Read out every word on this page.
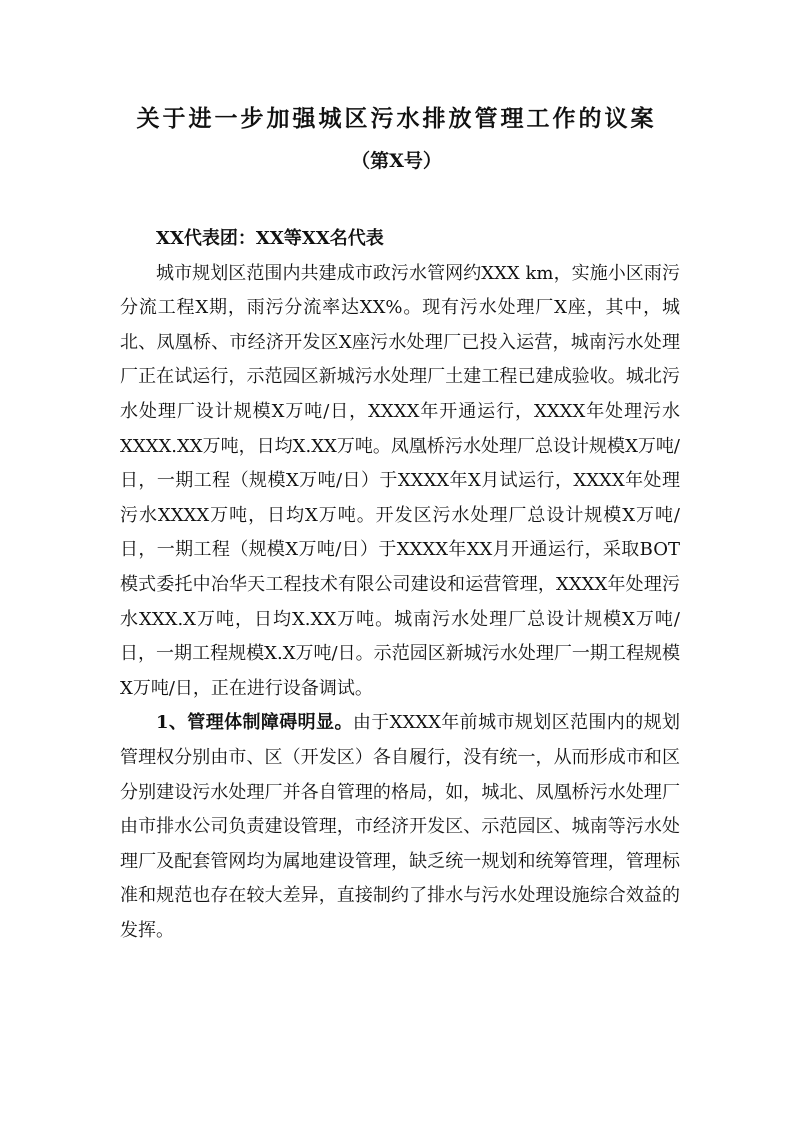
关于进一步加强城区污水排放管理工作的议案
（第X号）

XX代表团：XX等XX名代表

城市规划区范围内共建成市政污水管网约XXX km，实施小区雨污分流工程X期，雨污分流率达XX%。现有污水处理厂X座，其中，城北、凤凰桥、市经济开发区X座污水处理厂已投入运营，城南污水处理厂正在试运行，示范园区新城污水处理厂土建工程已建成验收。城北污水处理厂设计规模X万吨/日，XXXX年开通运行，XXXX年处理污水XXXX.XX万吨，日均X.XX万吨。凤凰桥污水处理厂总设计规模X万吨/日，一期工程（规模X万吨/日）于XXXX年X月试运行，XXXX年处理污水XXXX万吨，日均X万吨。开发区污水处理厂总设计规模X万吨/日，一期工程（规模X万吨/日）于XXXX年XX月开通运行，采取BOT模式委托中冶华天工程技术有限公司建设和运营管理，XXXX年处理污水XXX.X万吨，日均X.XX万吨。城南污水处理厂总设计规模X万吨/日，一期工程规模X.X万吨/日。示范园区新城污水处理厂一期工程规模X万吨/日，正在进行设备调试。

1、管理体制障碍明显。由于XXXX年前城市规划区范围内的规划管理权分别由市、区（开发区）各自履行，没有统一，从而形成市和区分别建设污水处理厂并各自管理的格局，如，城北、凤凰桥污水处理厂由市排水公司负责建设管理，市经济开发区、示范园区、城南等污水处理厂及配套管网均为属地建设管理，缺乏统一规划和统筹管理，管理标准和规范也存在较大差异，直接制约了排水与污水处理设施综合效益的发挥。
